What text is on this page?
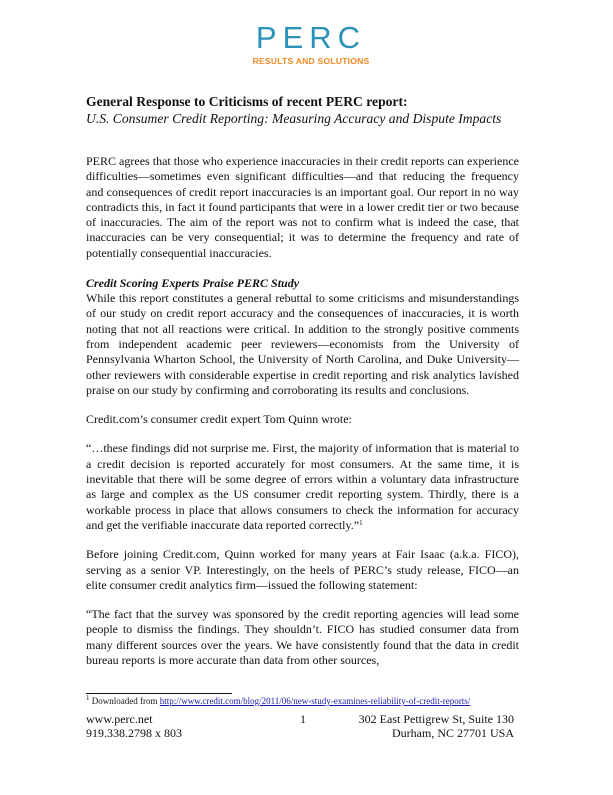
PERC
RESULTS AND SOLUTIONS
General Response to Criticisms of recent PERC report:
U.S. Consumer Credit Reporting: Measuring Accuracy and Dispute Impacts

PERC agrees that those who experience inaccuracies in their credit reports can experience difficulties—sometimes even significant difficulties—and that reducing the frequency and consequences of credit report inaccuracies is an important goal. Our report in no way contradicts this, in fact it found participants that were in a lower credit tier or two because of inaccuracies. The aim of the report was not to confirm what is indeed the case, that inaccuracies can be very consequential; it was to determine the frequency and rate of potentially consequential inaccuracies.

Credit Scoring Experts Praise PERC Study

While this report constitutes a general rebuttal to some criticisms and misunderstandings of our study on credit report accuracy and the consequences of inaccuracies, it is worth noting that not all reactions were critical. In addition to the strongly positive comments from independent academic peer reviewers—economists from the University of Pennsylvania Wharton School, the University of North Carolina, and Duke University—other reviewers with considerable expertise in credit reporting and risk analytics lavished praise on our study by confirming and corroborating its results and conclusions.

Credit.com’s consumer credit expert Tom Quinn wrote:

“…these findings did not surprise me. First, the majority of information that is material to a credit decision is reported accurately for most consumers. At the same time, it is inevitable that there will be some degree of errors within a voluntary data infrastructure as large and complex as the US consumer credit reporting system. Thirdly, there is a workable process in place that allows consumers to check the information for accuracy and get the verifiable inaccurate data reported correctly.”$^1$

Before joining Credit.com, Quinn worked for many years at Fair Isaac (a.k.a. FICO), serving as a senior VP. Interestingly, on the heels of PERC’s study release, FICO—an elite consumer credit analytics firm—issued the following statement:

“The fact that the survey was sponsored by the credit reporting agencies will lead some people to dismiss the findings. They shouldn’t. FICO has studied consumer data from many different sources over the years. We have consistently found that the data in credit bureau reports is more accurate than data from other sources,

$^1$ Downloaded from http://www.credit.com/blog/2011/06/new-study-examines-reliability-of-credit-reports/
www.perc.net	302 East Pettigrew St, Suite 130
1
919.338.2798 x 803	Durham, NC 27701 USA
